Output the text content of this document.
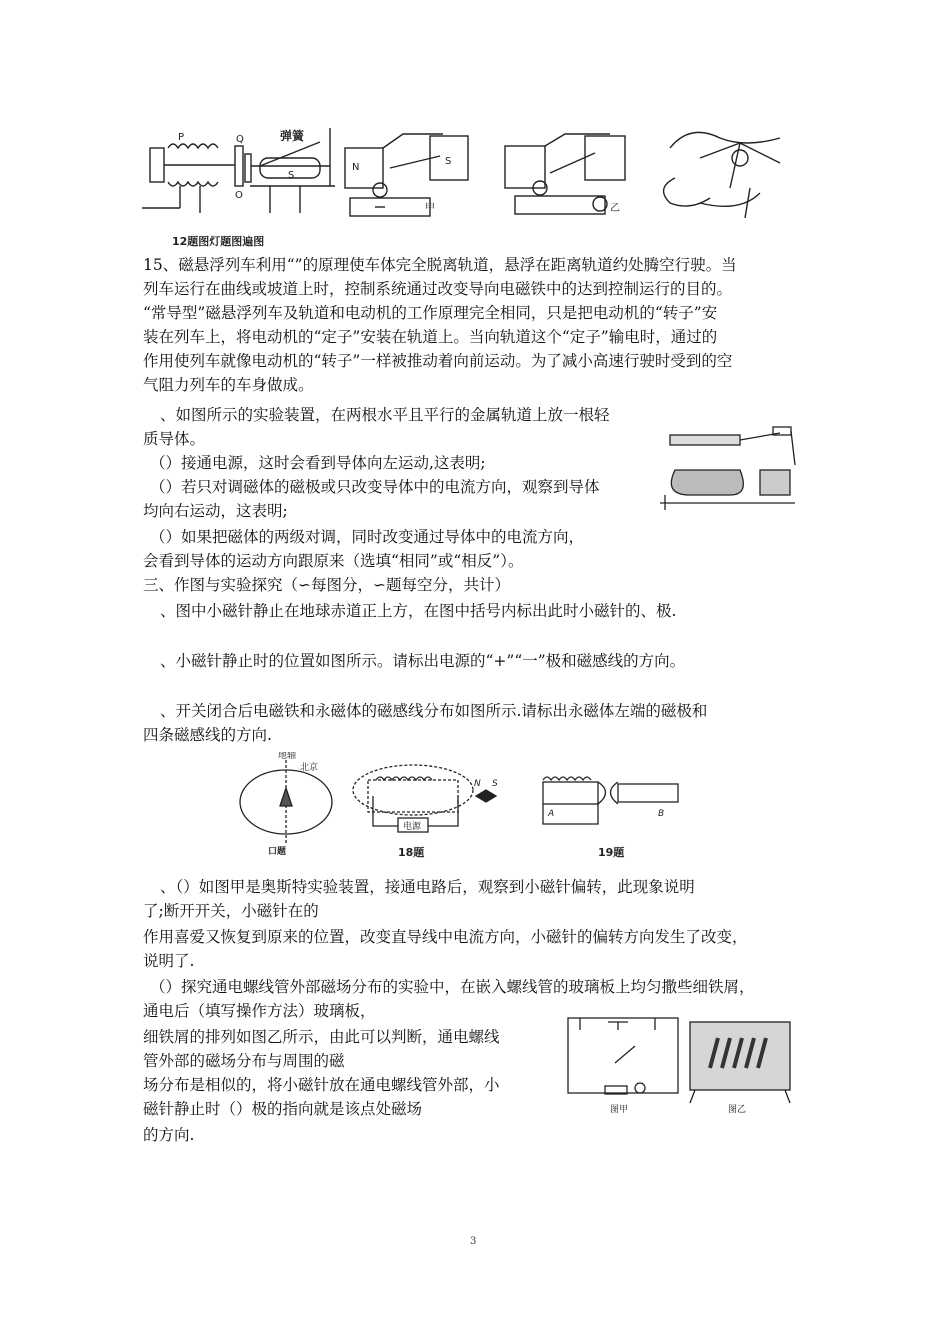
P	Q	弹簧
S
O
N
S
甲	乙
12题图灯题图遍图
15、磁悬浮列车利用“”的原理使车体完全脱离轨道，悬浮在距离轨道约处腾空行驶。当
列车运行在曲线或坡道上时，控制系统通过改变导向电磁铁中的达到控制运行的目的。
“常导型”磁悬浮列车及轨道和电动机的工作原理完全相同，只是把电动机的“转子”安
装在列车上，将电动机的“定子”安装在轨道上。当向轨道这个“定子”输电时，通过的
作用使列车就像电动机的“转子”一样被推动着向前运动。为了减小高速行驶时受到的空
气阻力列车的车身做成。
、如图所示的实验装置，在两根水平且平行的金属轨道上放一根轻
质导体。
（）接通电源，这时会看到导体向左运动,这表明;
（）若只对调磁体的磁极或只改变导体中的电流方向，观察到导体
均向右运动，这表明;
（）如果把磁体的两级对调，同时改变通过导体中的电流方向，
会看到导体的运动方向跟原来（选填“相同”或“相反”）。
三、作图与实验探究（∽每图分，∽题每空分，共计）
、图中小磁针静止在地球赤道正上方，在图中括号内标出此时小磁针的、极.
、小磁针静止时的位置如图所示。请标出电源的“+”“一”极和磁感线的方向。
、开关闭合后电磁铁和永磁体的磁感线分布如图所示.请标出永磁体左端的磁极和
四条磁感线的方向.
地轴
北京
电源
N S
A	B
口题	18题	19题
、（）如图甲是奥斯特实验装置，接通电路后，观察到小磁针偏转，此现象说明
了;断开开关，小磁针在的
作用喜爱又恢复到原来的位置，改变直导线中电流方向，小磁针的偏转方向发生了改变，
说明了.
（）探究通电螺线管外部磁场分布的实验中，在嵌入螺线管的玻璃板上均匀撒些细铁屑，
通电后（填写操作方法）玻璃板，
细铁屑的排列如图乙所示，由此可以判断，通电螺线
管外部的磁场分布与周围的磁
场分布是相似的，将小磁针放在通电螺线管外部，小
磁针静止时（）极的指向就是该点处磁场
的方向.
图甲	图乙
3
